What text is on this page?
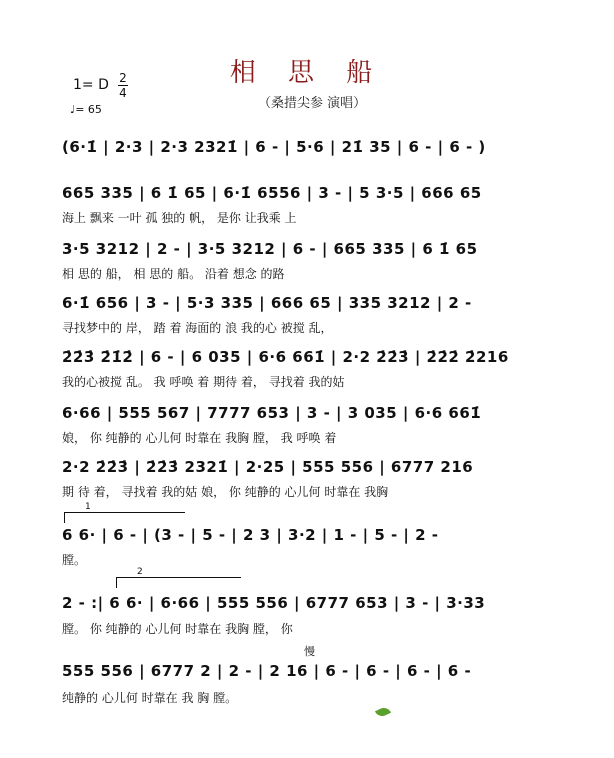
相 思 船
（桑措尖参 演唱）
1= D 2
4
♩= 65
(6·1̇ | 2·3 | 2·3 2321̇ | 6 - | 5·6 | 21̇ 35 | 6 - | 6 - )
665 335 | 6 1̇ 65 | 6·1̇ 6556 | 3 - | 5 3·5 | 666 65
海上 飘来 一叶 孤 独的 帆， 是你 让我乘 上
3·5 3212 | 2 - | 3·5 3212 | 6 - | 665 335 | 6 1̇ 65
相 思的 船， 相 思的 船。 沿着 想念 的路
6·1̇ 656 | 3 - | 5·3 335 | 666 65 | 335 3212 | 2 -
寻找梦中的 岸， 踏 着 海面的 浪 我的心 被搅 乱，
2̇2̇3̇ 2̇1̇2̇ | 6 - | 6 035 | 6·6 661̇ | 2·2 2̇2̇3̇ | 2̇2̇2̇ 2̇216
我的心被搅 乱。 我 呼唤 着 期待 着， 寻找着 我的姑
6·66 | 555 567 | 7777 653 | 3 - | 3 035 | 6·6 661̇
娘， 你 纯静的 心儿何 时靠在 我胸 膛， 我 呼唤 着
2·2 2̇2̇3̇ | 2̇2̇3̇ 2321̇ | 2·25 | 555 556 | 6777 216
期 待 着， 寻找着 我的姑 娘， 你 纯静的 心儿何 时靠在 我胸
1
6 6· | 6 - | (3 - | 5 - | 2 3 | 3·2 | 1 - | 5 - | 2 -
膛。
2
2 - :| 6 6· | 6·66 | 555 556 | 6777 653 | 3 - | 3·33
膛。 你 纯静的 心儿何 时靠在 我胸 膛， 你
慢
555 556 | 6777 2 | 2 - | 2 16 | 6 - | 6 - | 6 - | 6 -
纯静的 心儿何 时靠在 我 胸 膛。
